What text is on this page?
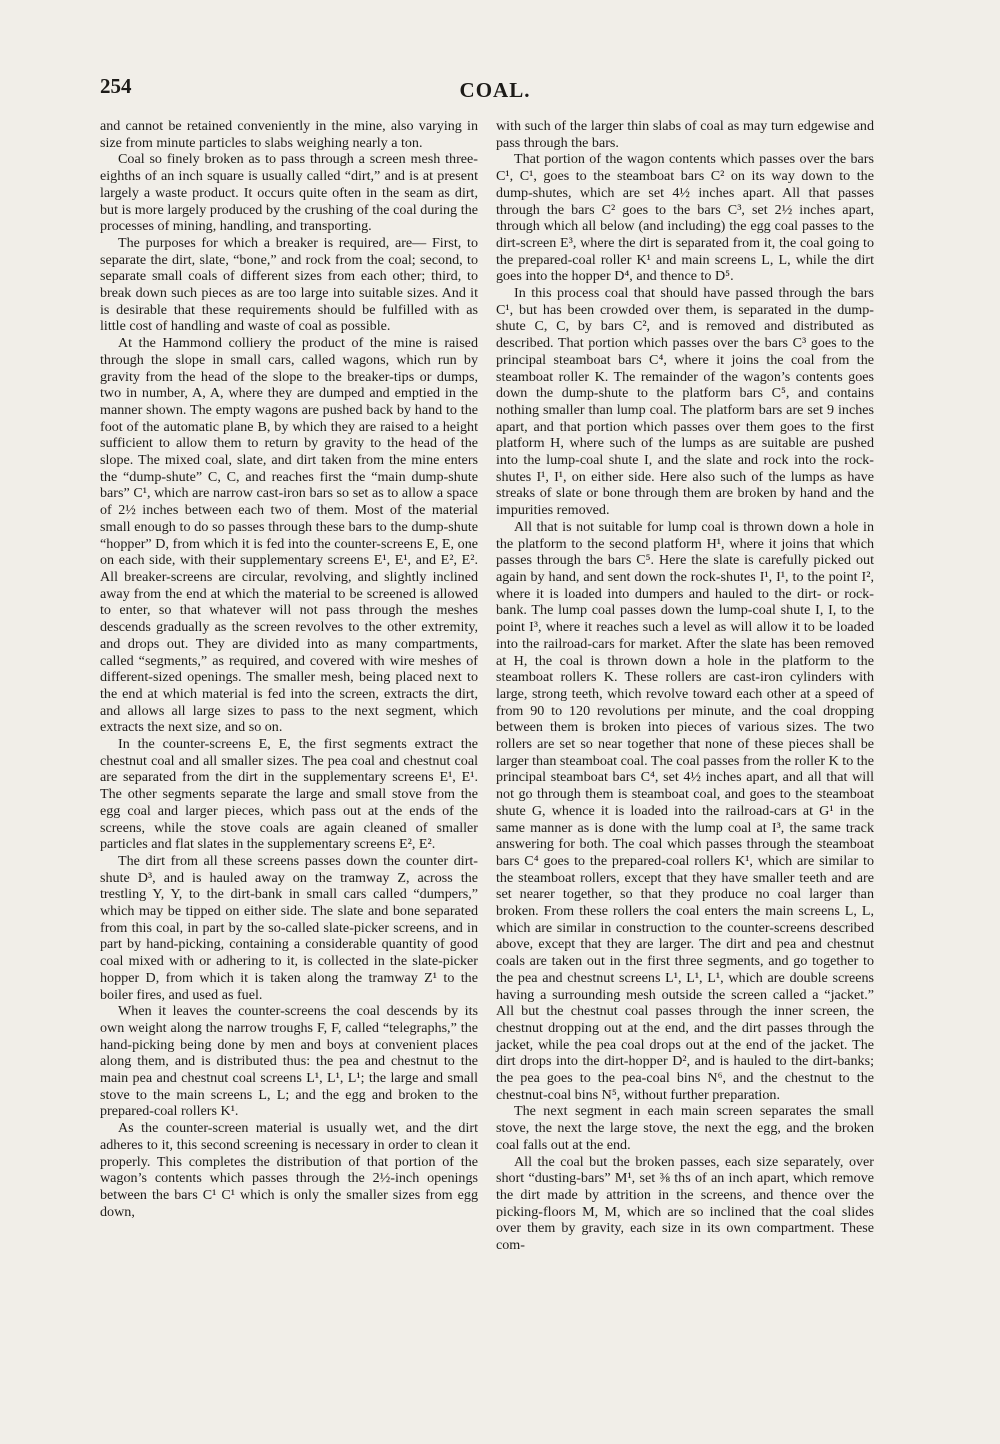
254	COAL.

and cannot be retained conveniently in the mine, also varying in size from minute particles to slabs weighing nearly a ton.

Coal so finely broken as to pass through a screen mesh three-eighths of an inch square is usually called “dirt,” and is at present largely a waste product. It occurs quite often in the seam as dirt, but is more largely produced by the crushing of the coal during the processes of mining, handling, and transporting.

The purposes for which a breaker is required, are— First, to separate the dirt, slate, “bone,” and rock from the coal; second, to separate small coals of different sizes from each other; third, to break down such pieces as are too large into suitable sizes. And it is desirable that these requirements should be fulfilled with as little cost of handling and waste of coal as possible.

At the Hammond colliery the product of the mine is raised through the slope in small cars, called wagons, which run by gravity from the head of the slope to the breaker-tips or dumps, two in number, A, A, where they are dumped and emptied in the manner shown. The empty wagons are pushed back by hand to the foot of the automatic plane B, by which they are raised to a height sufficient to allow them to return by gravity to the head of the slope. The mixed coal, slate, and dirt taken from the mine enters the “dump-shute” C, C, and reaches first the “main dump-shute bars” C¹, which are narrow cast-iron bars so set as to allow a space of 2½ inches between each two of them. Most of the material small enough to do so passes through these bars to the dump-shute “hopper” D, from which it is fed into the counter-screens E, E, one on each side, with their supplementary screens E¹, E¹, and E², E². All breaker-screens are circular, revolving, and slightly inclined away from the end at which the material to be screened is allowed to enter, so that whatever will not pass through the meshes descends gradually as the screen revolves to the other extremity, and drops out. They are divided into as many compartments, called “segments,” as required, and covered with wire meshes of different-sized openings. The smaller mesh, being placed next to the end at which material is fed into the screen, extracts the dirt, and allows all large sizes to pass to the next segment, which extracts the next size, and so on.

In the counter-screens E, E, the first segments extract the chestnut coal and all smaller sizes. The pea coal and chestnut coal are separated from the dirt in the supplementary screens E¹, E¹. The other segments separate the large and small stove from the egg coal and larger pieces, which pass out at the ends of the screens, while the stove coals are again cleaned of smaller particles and flat slates in the supplementary screens E², E².

The dirt from all these screens passes down the counter dirt-shute D³, and is hauled away on the tramway Z, across the trestling Y, Y, to the dirt-bank in small cars called “dumpers,” which may be tipped on either side. The slate and bone separated from this coal, in part by the so-called slate-picker screens, and in part by hand-picking, containing a considerable quantity of good coal mixed with or adhering to it, is collected in the slate-picker hopper D, from which it is taken along the tramway Z¹ to the boiler fires, and used as fuel.

When it leaves the counter-screens the coal descends by its own weight along the narrow troughs F, F, called “telegraphs,” the hand-picking being done by men and boys at convenient places along them, and is distributed thus: the pea and chestnut to the main pea and chestnut coal screens L¹, L¹, L¹; the large and small stove to the main screens L, L; and the egg and broken to the prepared-coal rollers K¹.

As the counter-screen material is usually wet, and the dirt adheres to it, this second screening is necessary in order to clean it properly. This completes the distribution of that portion of the wagon’s contents which passes through the 2½-inch openings between the bars C¹ C¹ which is only the smaller sizes from egg down,

with such of the larger thin slabs of coal as may turn edgewise and pass through the bars.

That portion of the wagon contents which passes over the bars C¹, C¹, goes to the steamboat bars C² on its way down to the dump-shutes, which are set 4½ inches apart. All that passes through the bars C² goes to the bars C³, set 2½ inches apart, through which all below (and including) the egg coal passes to the dirt-screen E³, where the dirt is separated from it, the coal going to the prepared-coal roller K¹ and main screens L, L, while the dirt goes into the hopper D⁴, and thence to D⁵.

In this process coal that should have passed through the bars C¹, but has been crowded over them, is separated in the dump-shute C, C, by bars C², and is removed and distributed as described. That portion which passes over the bars C³ goes to the principal steamboat bars C⁴, where it joins the coal from the steamboat roller K. The remainder of the wagon’s contents goes down the dump-shute to the platform bars C⁵, and contains nothing smaller than lump coal. The platform bars are set 9 inches apart, and that portion which passes over them goes to the first platform H, where such of the lumps as are suitable are pushed into the lump-coal shute I, and the slate and rock into the rock-shutes I¹, I¹, on either side. Here also such of the lumps as have streaks of slate or bone through them are broken by hand and the impurities removed.

All that is not suitable for lump coal is thrown down a hole in the platform to the second platform H¹, where it joins that which passes through the bars C⁵. Here the slate is carefully picked out again by hand, and sent down the rock-shutes I¹, I¹, to the point I², where it is loaded into dumpers and hauled to the dirt- or rock-bank. The lump coal passes down the lump-coal shute I, I, to the point I³, where it reaches such a level as will allow it to be loaded into the railroad-cars for market. After the slate has been removed at H, the coal is thrown down a hole in the platform to the steamboat rollers K. These rollers are cast-iron cylinders with large, strong teeth, which revolve toward each other at a speed of from 90 to 120 revolutions per minute, and the coal dropping between them is broken into pieces of various sizes. The two rollers are set so near together that none of these pieces shall be larger than steamboat coal. The coal passes from the roller K to the principal steamboat bars C⁴, set 4½ inches apart, and all that will not go through them is steamboat coal, and goes to the steamboat shute G, whence it is loaded into the railroad-cars at G¹ in the same manner as is done with the lump coal at I³, the same track answering for both. The coal which passes through the steamboat bars C⁴ goes to the prepared-coal rollers K¹, which are similar to the steamboat rollers, except that they have smaller teeth and are set nearer together, so that they produce no coal larger than broken. From these rollers the coal enters the main screens L, L, which are similar in construction to the counter-screens described above, except that they are larger. The dirt and pea and chestnut coals are taken out in the first three segments, and go together to the pea and chestnut screens L¹, L¹, L¹, which are double screens having a surrounding mesh outside the screen called a “jacket.” All but the chestnut coal passes through the inner screen, the chestnut dropping out at the end, and the dirt passes through the jacket, while the pea coal drops out at the end of the jacket. The dirt drops into the dirt-hopper D², and is hauled to the dirt-banks; the pea goes to the pea-coal bins N⁶, and the chestnut to the chestnut-coal bins N⁵, without further preparation.

The next segment in each main screen separates the small stove, the next the large stove, the next the egg, and the broken coal falls out at the end.

All the coal but the broken passes, each size separately, over short “dusting-bars” M¹, set ⅜ ths of an inch apart, which remove the dirt made by attrition in the screens, and thence over the picking-floors M, M, which are so inclined that the coal slides over them by gravity, each size in its own compartment. These com-
